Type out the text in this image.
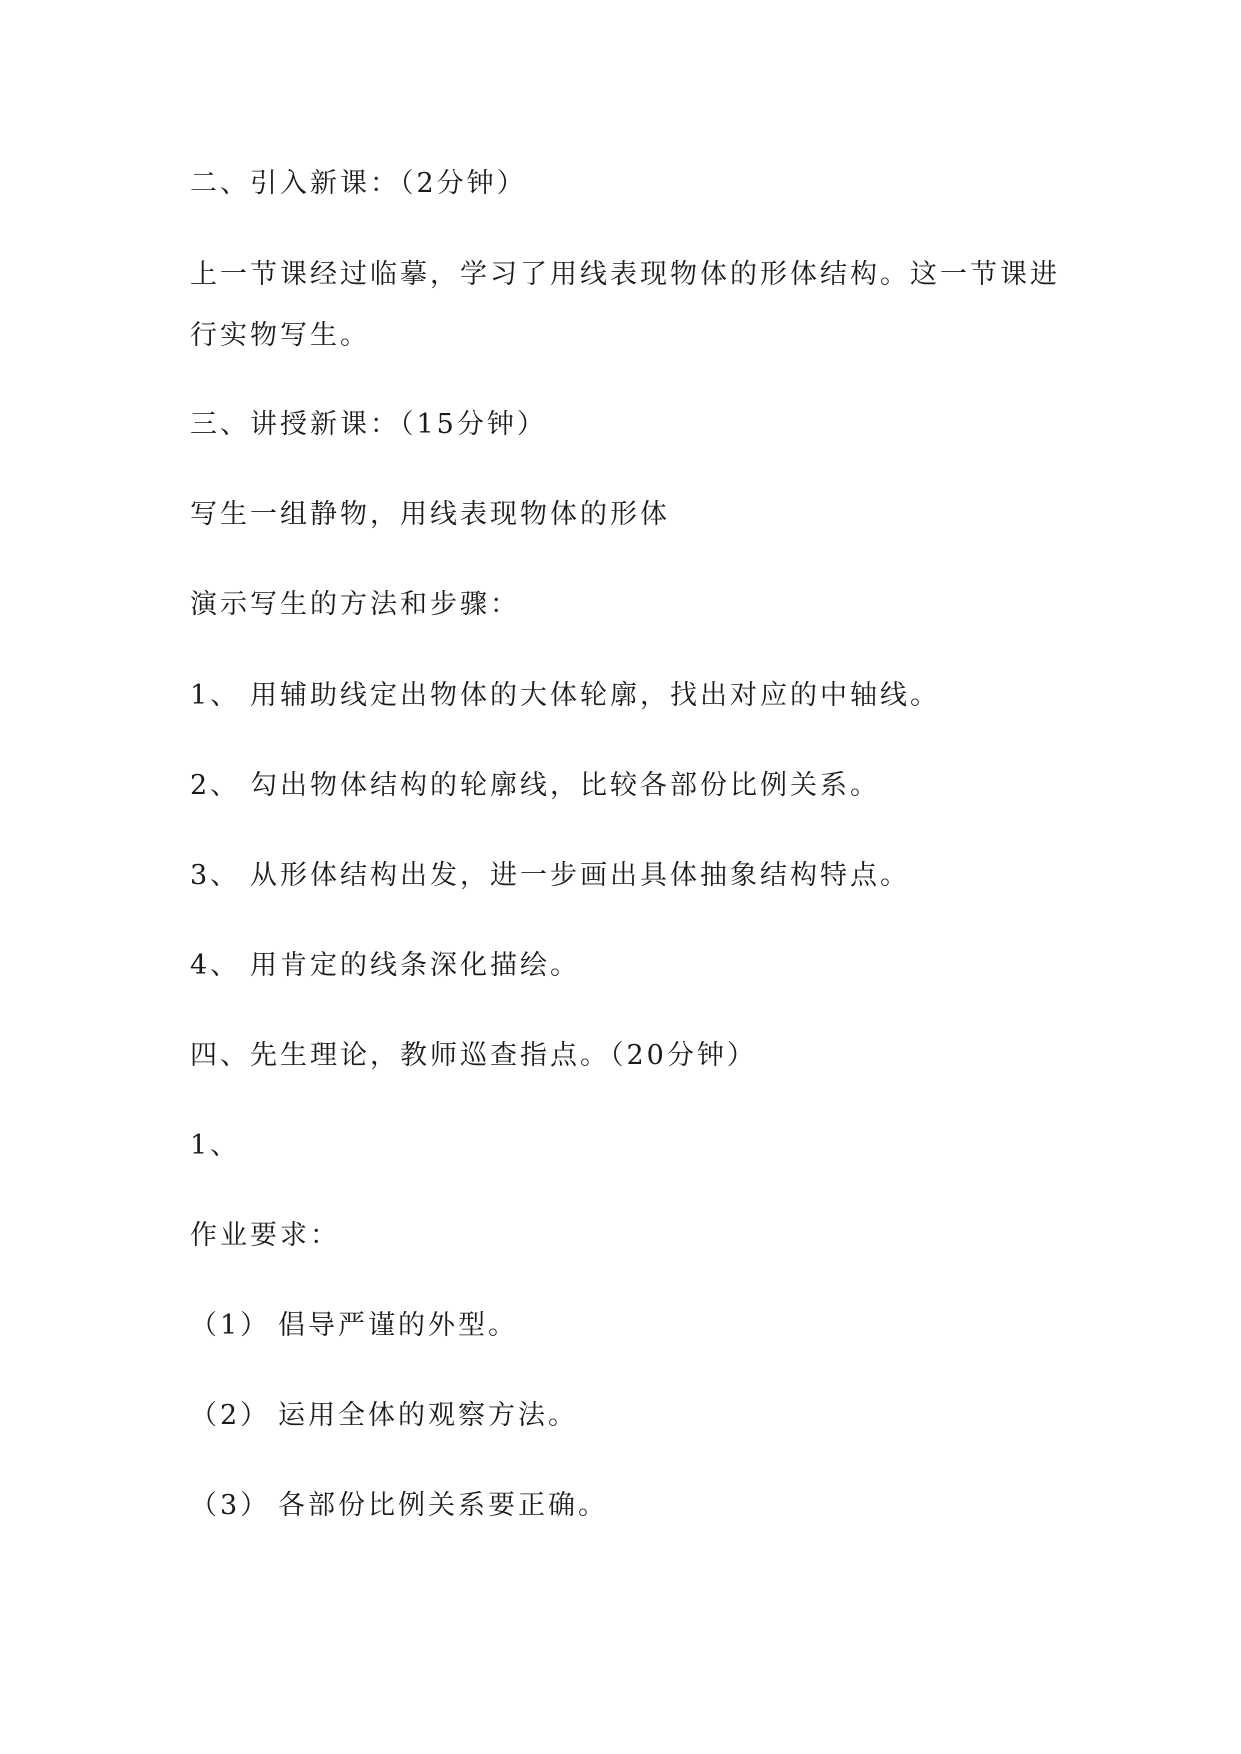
二、引入新课：（2分钟）
上一节课经过临摹，学习了用线表现物体的形体结构。这一节课进
行实物写生。
三、讲授新课：（15分钟）
写生一组静物，用线表现物体的形体
演示写生的方法和步骤：
1、 用辅助线定出物体的大体轮廓，找出对应的中轴线。
2、 勾出物体结构的轮廓线，比较各部份比例关系。
3、 从形体结构出发，进一步画出具体抽象结构特点。
4、 用肯定的线条深化描绘。
四、先生理论，教师巡查指点。（20分钟）
1、
作业要求：
（1） 倡导严谨的外型。
（2） 运用全体的观察方法。
（3） 各部份比例关系要正确。
